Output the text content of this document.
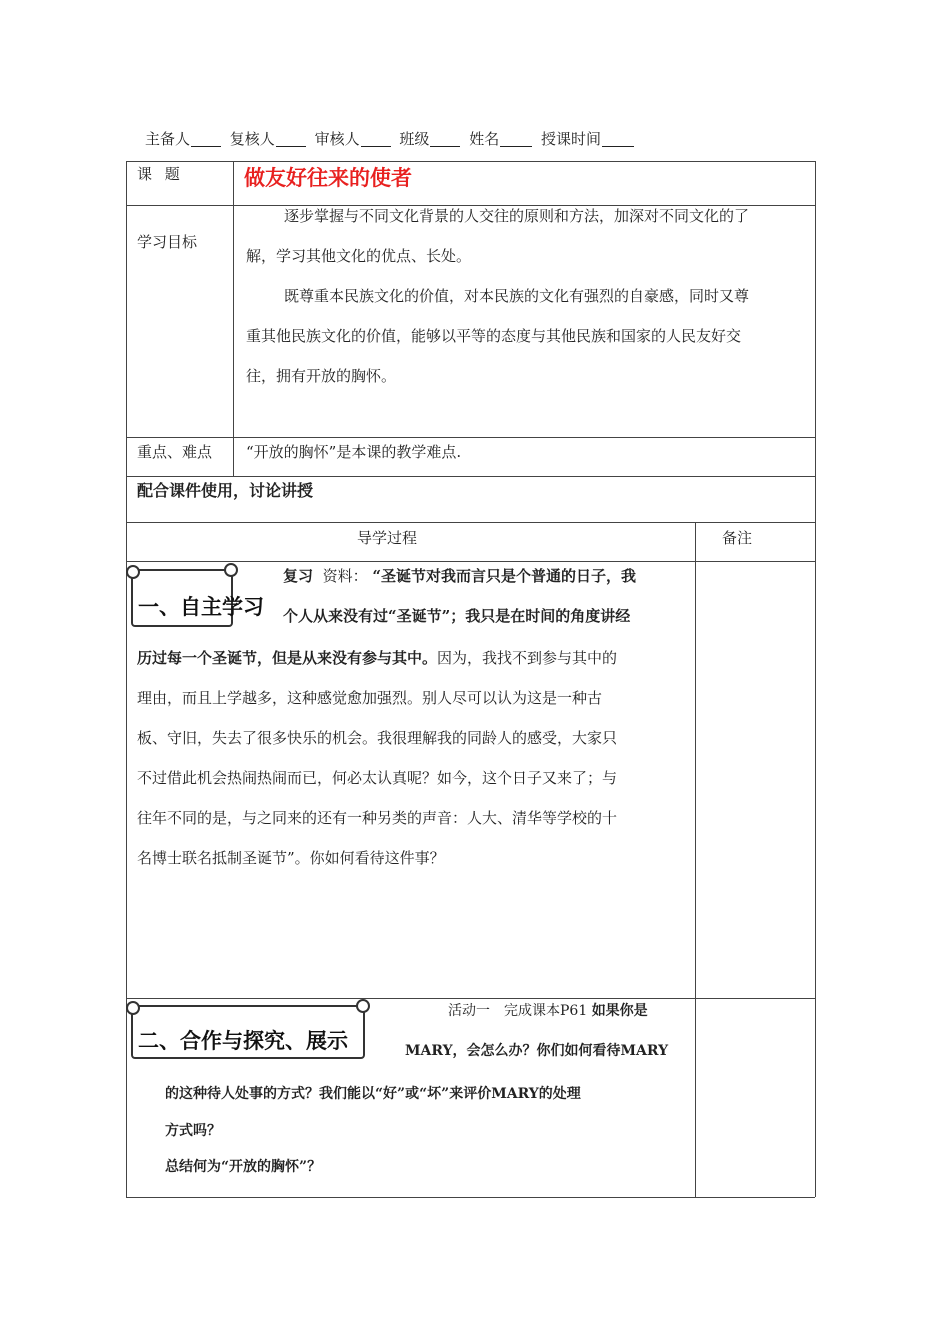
主备人	复核人	审核人	班级	姓名	授课时间
课 题	做友好往来的使者
学习目标
逐步掌握与不同文化背景的人交往的原则和方法，加深对不同文化的了
解，学习其他文化的优点、长处。
既尊重本民族文化的价值，对本民族的文化有强烈的自豪感，同时又尊
重其他民族文化的价值，能够以平等的态度与其他民族和国家的人民友好交
往，拥有开放的胸怀。
重点、难点 “开放的胸怀”是本课的教学难点.
配合课件使用，讨论讲授
导学过程	备注
一、自主学习
复习 资料： “圣诞节对我而言只是个普通的日子，我
个人从来没有过“圣诞节”；我只是在时间的角度讲经
历过每一个圣诞节，但是从来没有参与其中。因为，我找不到参与其中的
理由，而且上学越多，这种感觉愈加强烈。别人尽可以认为这是一种古
板、守旧，失去了很多快乐的机会。我很理解我的同龄人的感受，大家只
不过借此机会热闹热闹而已，何必太认真呢？如今，这个日子又来了；与
往年不同的是，与之同来的还有一种另类的声音：人大、清华等学校的十
名博士联名抵制圣诞节”。你如何看待这件事？
二、合作与探究、展示
活动一　完成课本P61 如果你是
MARY，会怎么办？你们如何看待MARY
的这种待人处事的方式？我们能以“好”或“坏”来评价MARY的处理
方式吗？
总结何为“开放的胸怀”？
